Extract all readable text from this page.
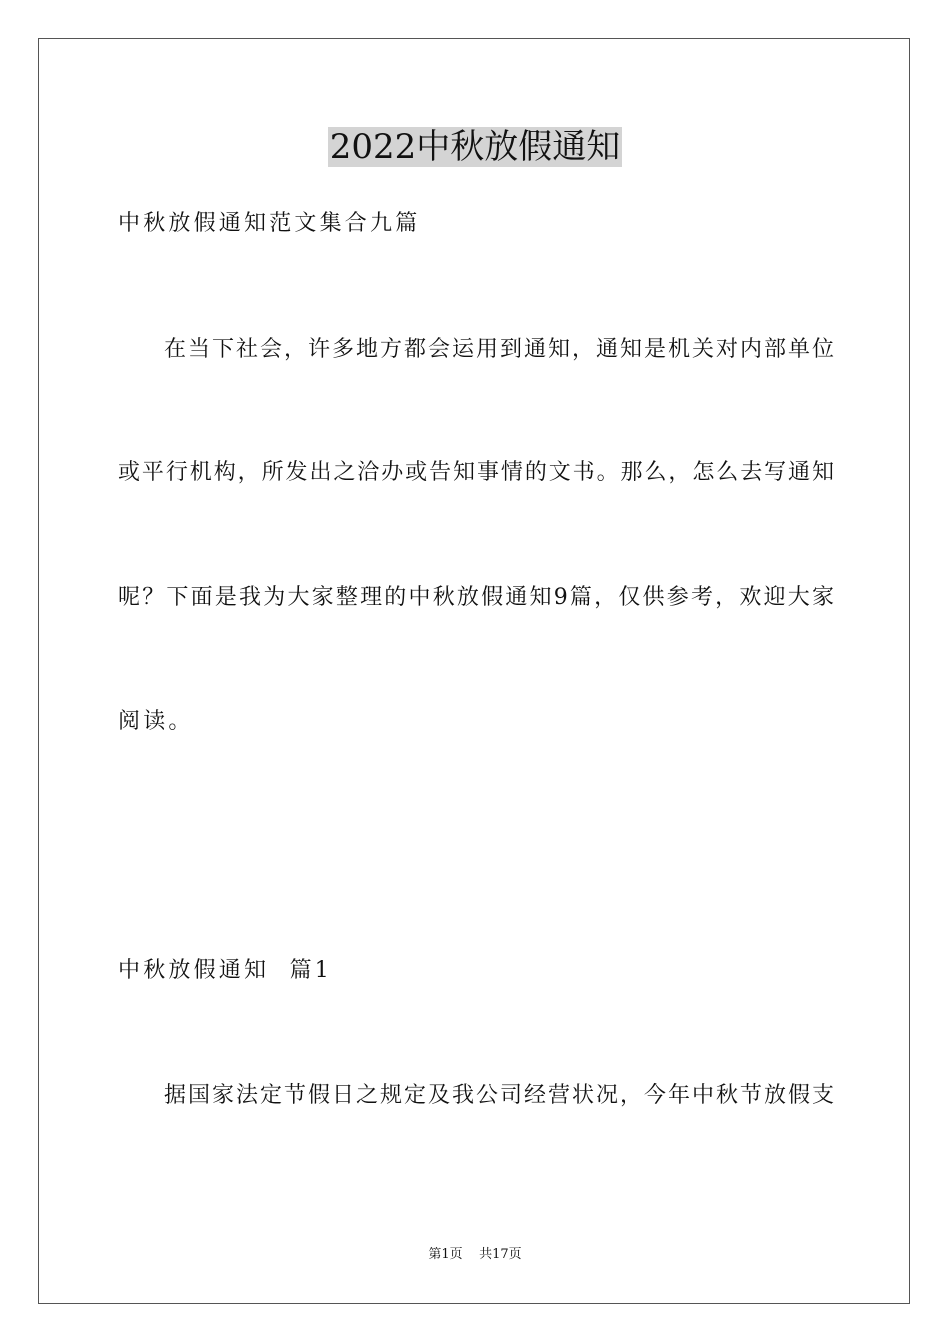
2022中秋放假通知

中秋放假通知范文集合九篇

在当下社会，许多地方都会运用到通知，通知是机关对内部单位

或平行机构，所发出之洽办或告知事情的文书。那么，怎么去写通知

呢？下面是我为大家整理的中秋放假通知9篇，仅供参考，欢迎大家

阅读。

中秋放假通知  篇1

据国家法定节假日之规定及我公司经营状况，今年中秋节放假支

第1页    共17页
